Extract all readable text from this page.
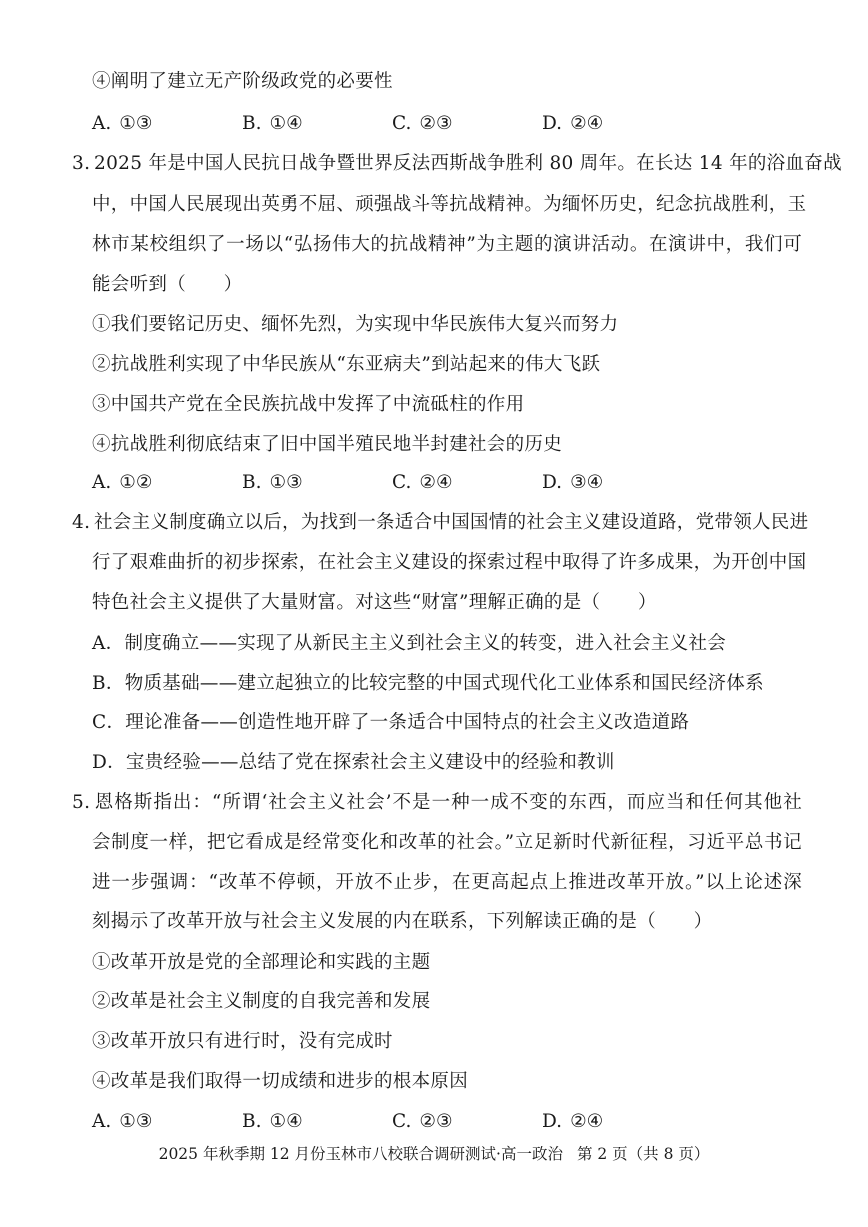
④阐明了建立无产阶级政党的必要性
A. ①③	B. ①④	C. ②③	D. ②④
3. 2025 年是中国人民抗日战争暨世界反法西斯战争胜利 80 周年。在长达 14 年的浴血奋战
中，中国人民展现出英勇不屈、顽强战斗等抗战精神。为缅怀历史，纪念抗战胜利，玉
林市某校组织了一场以“弘扬伟大的抗战精神”为主题的演讲活动。在演讲中，我们可
能会听到（　　）
①我们要铭记历史、缅怀先烈，为实现中华民族伟大复兴而努力
②抗战胜利实现了中华民族从“东亚病夫”到站起来的伟大飞跃
③中国共产党在全民族抗战中发挥了中流砥柱的作用
④抗战胜利彻底结束了旧中国半殖民地半封建社会的历史
A. ①②	B. ①③	C. ②④	D. ③④
4. 社会主义制度确立以后，为找到一条适合中国国情的社会主义建设道路，党带领人民进
行了艰难曲折的初步探索，在社会主义建设的探索过程中取得了许多成果，为开创中国
特色社会主义提供了大量财富。对这些“财富”理解正确的是（　　）
A．制度确立——实现了从新民主主义到社会主义的转变，进入社会主义社会
B．物质基础——建立起独立的比较完整的中国式现代化工业体系和国民经济体系
C．理论准备——创造性地开辟了一条适合中国特点的社会主义改造道路
D．宝贵经验——总结了党在探索社会主义建设中的经验和教训
5. 恩格斯指出：“所谓‘社会主义社会’不是一种一成不变的东西，而应当和任何其他社
会制度一样，把它看成是经常变化和改革的社会。”立足新时代新征程，习近平总书记
进一步强调：“改革不停顿，开放不止步，在更高起点上推进改革开放。”以上论述深
刻揭示了改革开放与社会主义发展的内在联系，下列解读正确的是（　　）
①改革开放是党的全部理论和实践的主题
②改革是社会主义制度的自我完善和发展
③改革开放只有进行时，没有完成时
④改革是我们取得一切成绩和进步的根本原因
A. ①③	B. ①④	C. ②③	D. ②④
2025 年秋季期 12 月份玉林市八校联合调研测试·高一政治 第 2 页（共 8 页）
